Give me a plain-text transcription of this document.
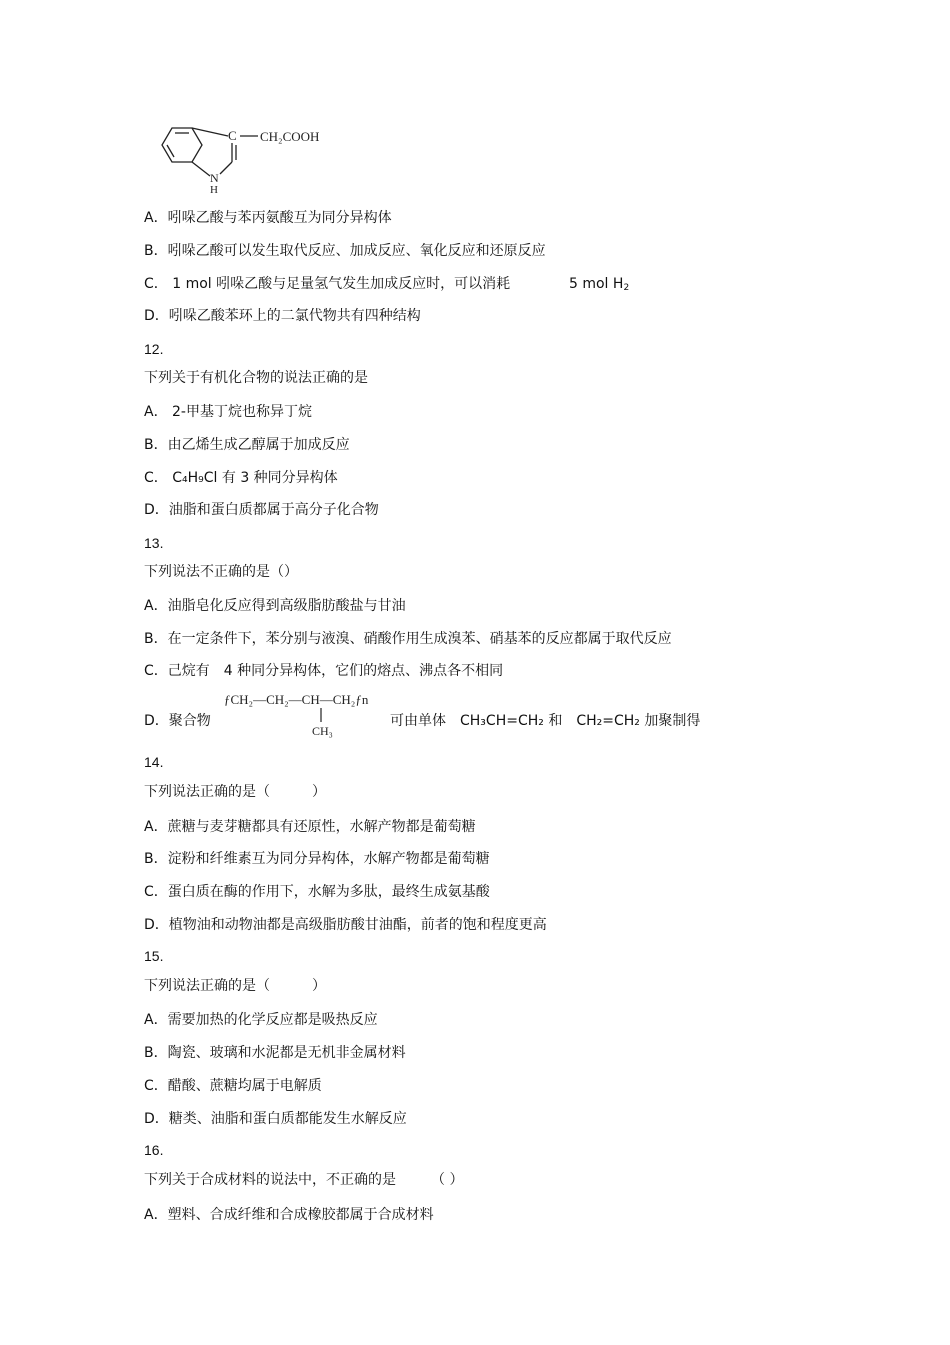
C CH₂COOH
N
H
A．吲哚乙酸与苯丙氨酸互为同分异构体
B．吲哚乙酸可以发生取代反应、加成反应、氧化反应和还原反应
C． 1 mol 吲哚乙酸与足量氢气发生加成反应时，可以消耗	5 mol $H_2$
D．吲哚乙酸苯环上的二氯代物共有四种结构
12.
下列关于有机化合物的说法正确的是
A． 2-甲基丁烷也称异丁烷
B．由乙烯生成乙醇属于加成反应
C． C₄H₉Cl 有 3 种同分异构体
D．油脂和蛋白质都属于高分子化合物
13.
下列说法不正确的是（）
A．油脂皂化反应得到高级脂肪酸盐与甘油
B．在一定条件下，苯分别与液溴、硝酸作用生成溴苯、硝基苯的反应都属于取代反应
C．己烷有　4 种同分异构体，它们的熔点、沸点各不相同
D．聚合物
ƒCH₂—CH₂—CH—CH₂ƒn
CH₃
可由单体　CH₃CH=CH₂ 和　CH₂=CH₂ 加聚制得
14.
下列说法正确的是（　　　）
A．蔗糖与麦芽糖都具有还原性，水解产物都是葡萄糖
B．淀粉和纤维素互为同分异构体，水解产物都是葡萄糖
C．蛋白质在酶的作用下，水解为多肽，最终生成氨基酸
D．植物油和动物油都是高级脂肪酸甘油酯，前者的饱和程度更高
15.
下列说法正确的是（　　　）
A．需要加热的化学反应都是吸热反应
B．陶瓷、玻璃和水泥都是无机非金属材料
C．醋酸、蔗糖均属于电解质
D．糖类、油脂和蛋白质都能发生水解反应
16.
下列关于合成材料的说法中，不正确的是　　　（ ）
A．塑料、合成纤维和合成橡胶都属于合成材料
